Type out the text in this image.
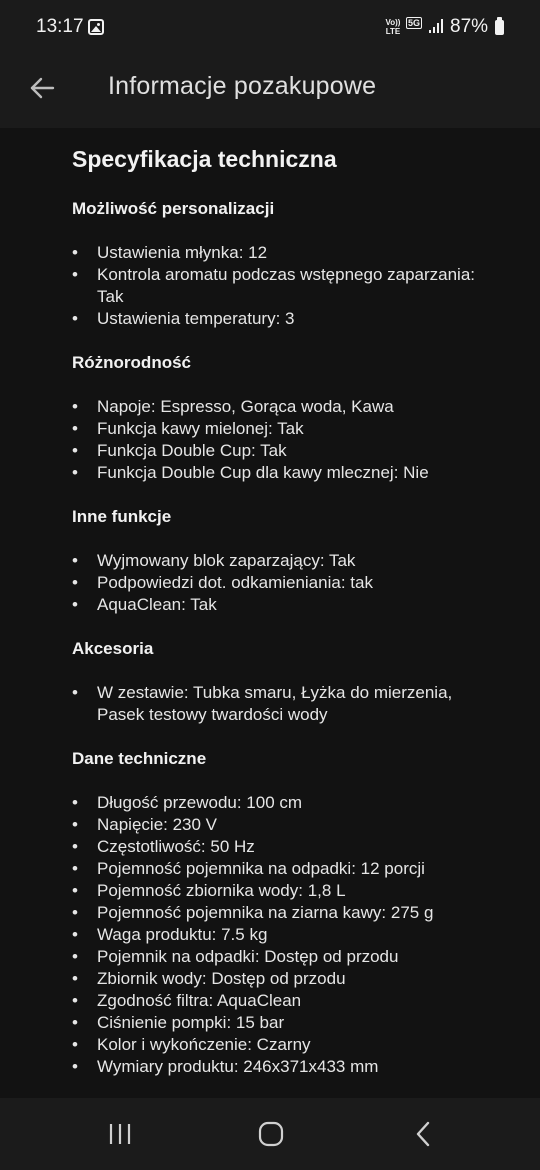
13:17	Vo))
LTE
5G 87%
Informacje pozakupowe
Specyfikacja techniczna
Możliwość personalizacji
• Ustawienia młynka: 12
• Kontrola aromatu podczas wstępnego zaparzania: Tak
• Ustawienia temperatury: 3
Różnorodność
• Napoje: Espresso, Gorąca woda, Kawa
• Funkcja kawy mielonej: Tak
• Funkcja Double Cup: Tak
• Funkcja Double Cup dla kawy mlecznej: Nie
Inne funkcje
• Wyjmowany blok zaparzający: Tak
• Podpowiedzi dot. odkamieniania: tak
• AquaClean: Tak
Akcesoria
• W zestawie: Tubka smaru, Łyżka do mierzenia, Pasek testowy twardości wody
Dane techniczne
• Długość przewodu: 100 cm
• Napięcie: 230 V
• Częstotliwość: 50 Hz
• Pojemność pojemnika na odpadki: 12 porcji
• Pojemność zbiornika wody: 1,8 L
• Pojemność pojemnika na ziarna kawy: 275 g
• Waga produktu: 7.5 kg
• Pojemnik na odpadki: Dostęp od przodu
• Zbiornik wody: Dostęp od przodu
• Zgodność filtra: AquaClean
• Ciśnienie pompki: 15 bar
• Kolor i wykończenie: Czarny
• Wymiary produktu: 246x371x433 mm
